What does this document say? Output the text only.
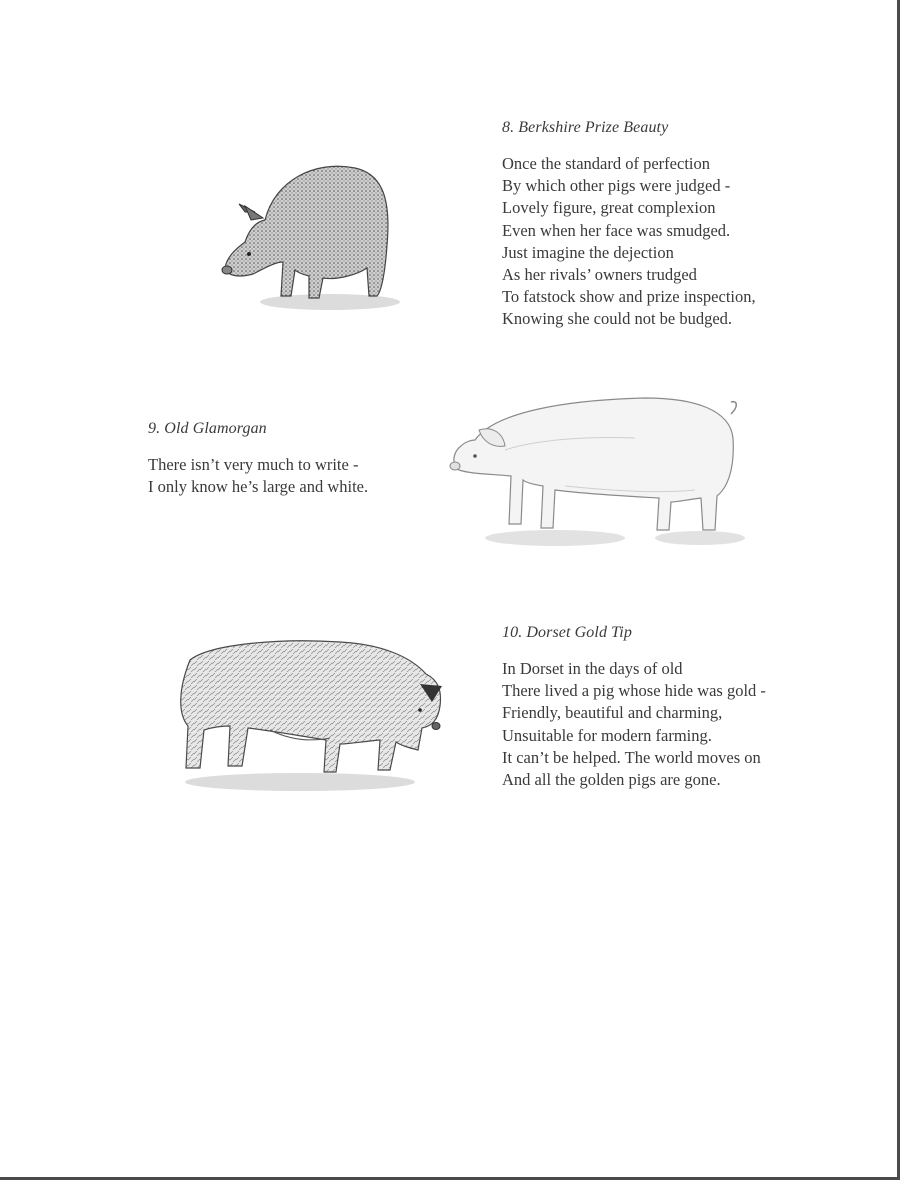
8. Berkshire Prize Beauty
Once the standard of perfection
By which other pigs were judged -
Lovely figure, great complexion
Even when her face was smudged.
Just imagine the dejection
As her rivals’ owners trudged
To fatstock show and prize inspection,
Knowing she could not be budged.
9. Old Glamorgan
There isn’t very much to write -
I only know he’s large and white.
10. Dorset Gold Tip
In Dorset in the days of old
There lived a pig whose hide was gold -
Friendly, beautiful and charming,
Unsuitable for modern farming.
It can’t be helped. The world moves on
And all the golden pigs are gone.
